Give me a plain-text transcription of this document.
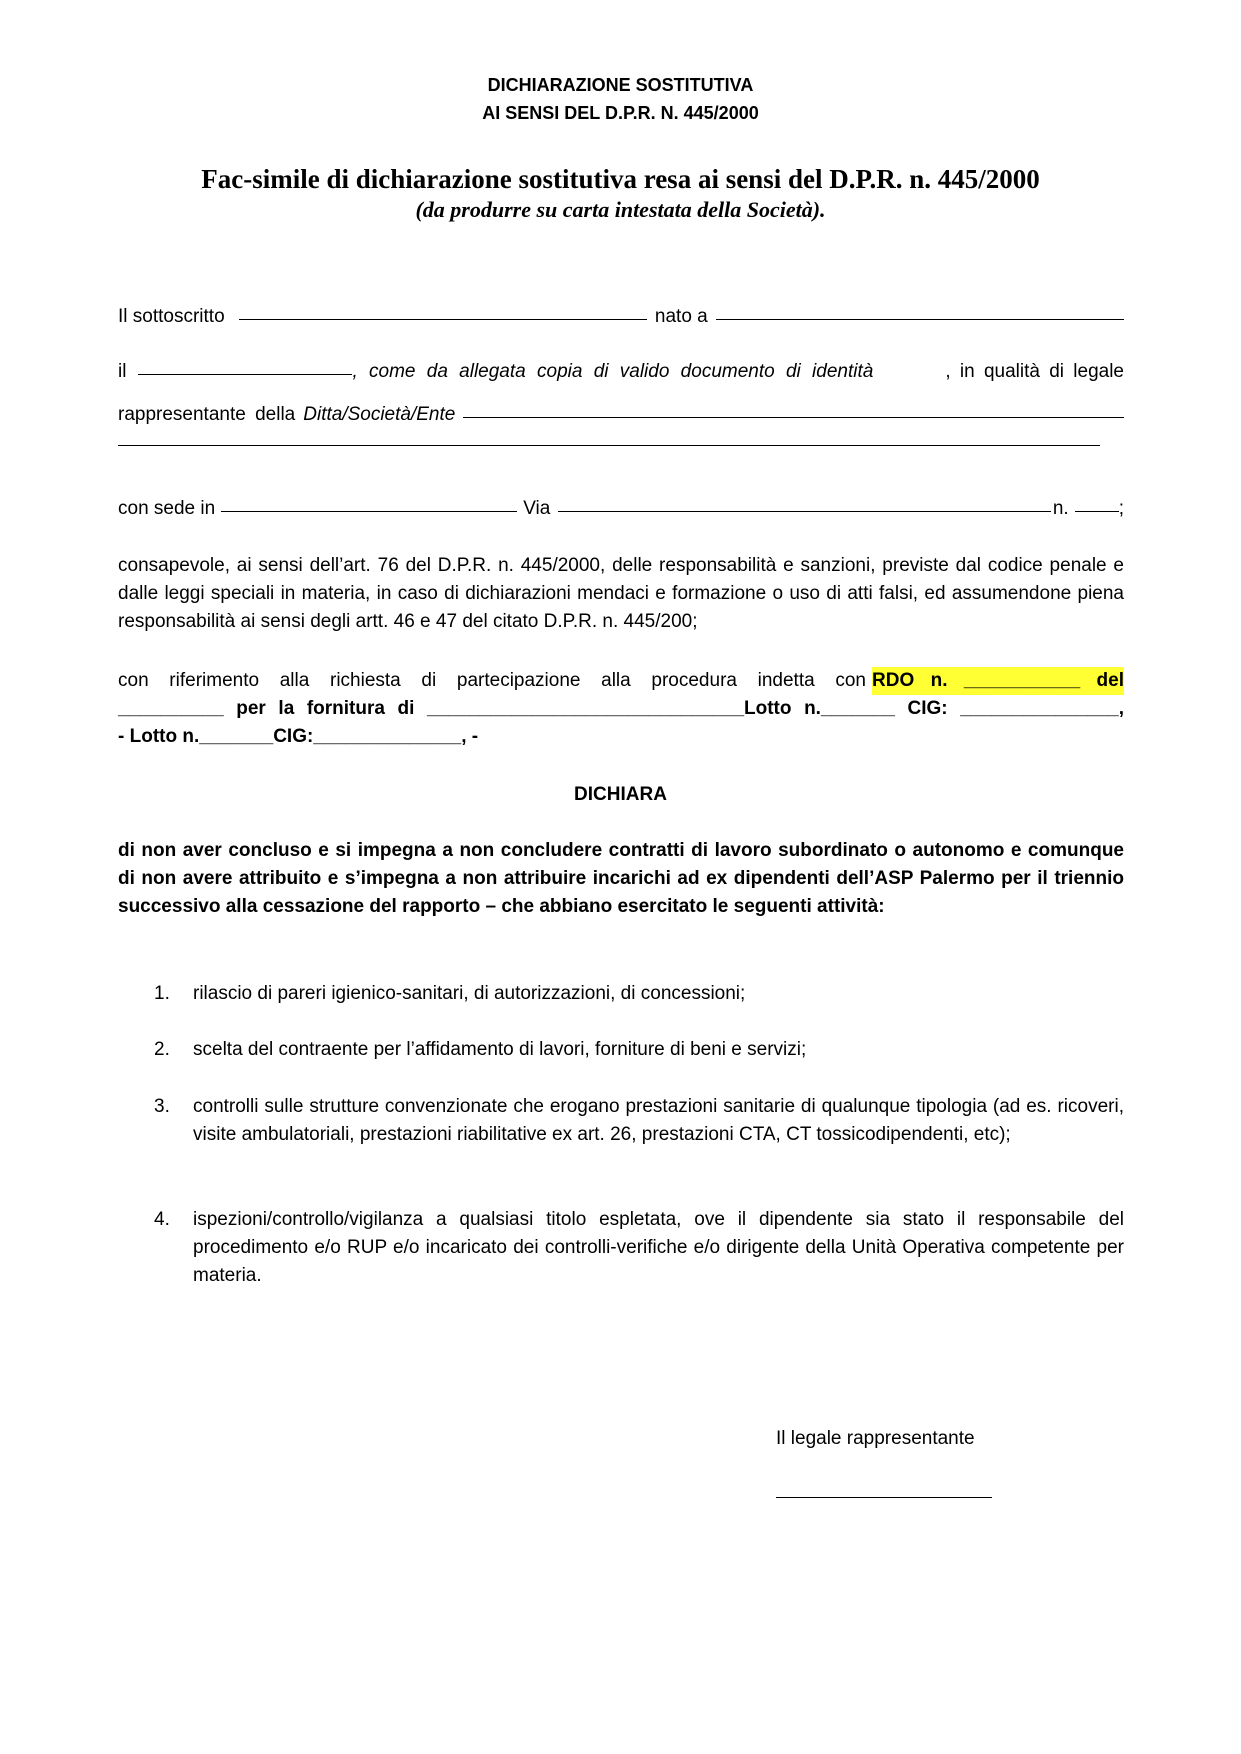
DICHIARAZIONE SOSTITUTIVA
AI SENSI DEL D.P.R. N. 445/2000
Fac-simile di dichiarazione sostitutiva resa ai sensi del D.P.R. n. 445/2000
(da produrre su carta intestata della Società).
Il sottoscritto	nato a
il	, come da allegata copia di valido documento di identità	, in qualità di legale
rappresentante della Ditta/Società/Ente
con sede in	Via	n.	;
consapevole, ai sensi dell’art. 76 del D.P.R. n. 445/2000, delle responsabilità e sanzioni, previste dal codice penale e dalle leggi speciali in materia, in caso di dichiarazioni mendaci e formazione o uso di atti falsi, ed assumendone piena responsabilità ai sensi degli artt. 46 e 47 del citato D.P.R. n. 445/200;
con riferimento alla richiesta di partecipazione alla procedura indetta con RDO n. ___________ del
__________ per la fornitura di ______________________________Lotto n._______ CIG: _______________,
- Lotto n._______CIG:______________, -
DICHIARA
di non aver concluso e si impegna a non concludere contratti di lavoro subordinato o autonomo e comunque di non avere attribuito e s’impegna a non attribuire incarichi ad ex dipendenti dell’ASP Palermo per il triennio successivo alla cessazione del rapporto – che abbiano esercitato le seguenti attività:
1.	rilascio di pareri igienico-sanitari, di autorizzazioni, di concessioni;
2.	scelta del contraente per l’affidamento di lavori, forniture di beni e servizi;
3.	controlli sulle strutture convenzionate che erogano prestazioni sanitarie di qualunque tipologia (ad es. ricoveri, visite ambulatoriali, prestazioni riabilitative ex art. 26, prestazioni CTA, CT tossicodipendenti, etc);
4.	ispezioni/controllo/vigilanza a qualsiasi titolo espletata, ove il dipendente sia stato il responsabile del procedimento e/o RUP e/o incaricato dei controlli-verifiche e/o dirigente della Unità Operativa competente per materia.
Il legale rappresentante
